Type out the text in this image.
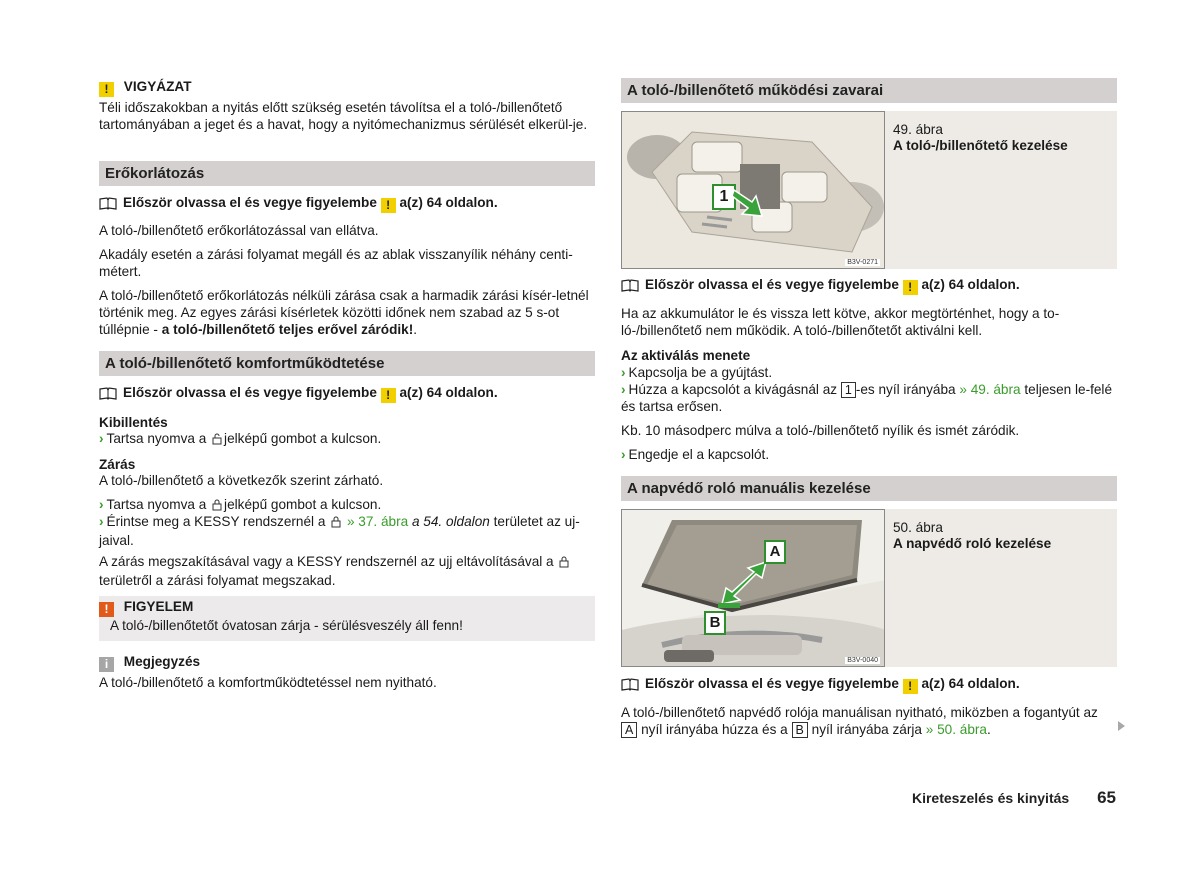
! VIGYÁZAT

Téli időszakokban a nyitás előtt szükség esetén távolítsa el a toló-/billenőtető tartományában a jeget és a havat, hogy a nyitómechanizmus sérülését elkerül-je.

Erőkorlátozás
Először olvassa el és vegye figyelembe ! a(z) 64 oldalon.

A toló-/billenőtető erőkorlátozással van ellátva.

Akadály esetén a zárási folyamat megáll és az ablak visszanyílik néhány centi-métert.

A toló-/billenőtető erőkorlátozás nélküli zárása csak a harmadik zárási kísér-letnél történik meg. Az egyes zárási kísérletek közötti időnek nem szabad az 5 s-ot túllépnie - a toló-/billenőtető teljes erővel záródik!.

A toló-/billenőtető komfortműködtetése
Először olvassa el és vegye figyelembe ! a(z) 64 oldalon.

Kibillentés

› Tartsa nyomva a jelképű gombot a kulcson.

Zárás

A toló-/billenőtető a következők szerint zárható.

› Tartsa nyomva a jelképű gombot a kulcson.

› Érintse meg a KESSY rendszernél a » 37. ábra a 54. oldalon területet az uj-jaival.

A zárás megszakításával vagy a KESSY rendszernél az ujj eltávolításával a  területről a zárási folyamat megszakad.

! FIGYELEM

A toló-/billenőtetőt óvatosan zárja - sérülésveszély áll fenn!

i Megjegyzés

A toló-/billenőtető a komfortműködtetéssel nem nyitható.

A toló-/billenőtető működési zavarai
1
B3V-0271
49. ábra
A toló-/billenőtető kezelése
Először olvassa el és vegye figyelembe ! a(z) 64 oldalon.

Ha az akkumulátor le és vissza lett kötve, akkor megtörténhet, hogy a to-ló-/billenőtető nem működik. A toló-/billenőtetőt aktiválni kell.

Az aktiválás menete

› Kapcsolja be a gyújtást.

› Húzza a kapcsolót a kivágásnál az 1 -es nyíl irányába » 49. ábra teljesen le-felé és tartsa erősen.

Kb. 10 másodperc múlva a toló-/billenőtető nyílik és ismét záródik.

› Engedje el a kapcsolót.

A napvédő roló manuális kezelése
A
B
B3V-0040
50. ábra
A napvédő roló kezelése
Először olvassa el és vegye figyelembe ! a(z) 64 oldalon.

A toló-/billenőtető napvédő rolója manuálisan nyitható, miközben a fogantyút az A nyíl irányába húzza és a B nyíl irányába zárja » 50. ábra.

Kireteszelés és kinyitás 65
